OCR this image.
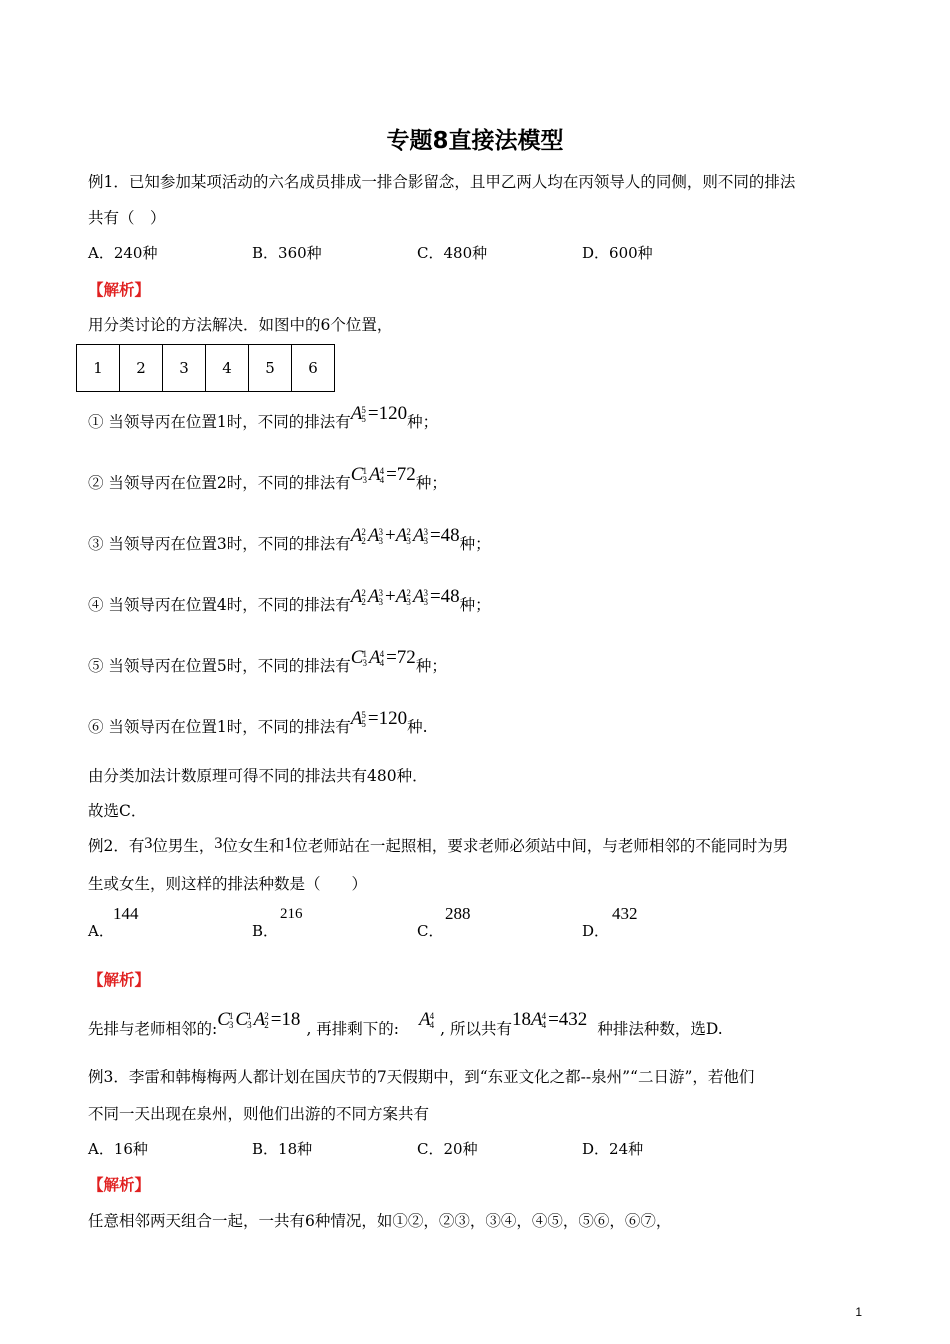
专题8直接法模型
例1．已知参加某项活动的六名成员排成一排合影留念，且甲乙两人均在丙领导人的同侧，则不同的排法
共有（　）
A．240种	B．360种	C．480种	D．600种
【解析】
用分类讨论的方法解决．如图中的6个位置，
1	2	3	4	5	6
① 当领导丙在位置1时，不同的排法有A 5
5 =120种；
② 当领导丙在位置2时，不同的排法有C 1
3 A 4
4 =72种；
③ 当领导丙在位置3时，不同的排法有A 2
2 A 3
3 +A 2
3 A 3
3 =48种；
④ 当领导丙在位置4时，不同的排法有A 2
2 A 3
3 +A 2
3 A 3
3 =48种；
⑤ 当领导丙在位置5时，不同的排法有C 1
3 A 4
4 =72种；
⑥ 当领导丙在位置1时，不同的排法有A 5
5 =120种.
由分类加法计数原理可得不同的排法共有480种．
故选C．
例2．有3位男生，3位女生和1位老师站在一起照相，要求老师必须站中间，与老师相邻的不能同时为男
生或女生，则这样的排法种数是（　　）
A．
144
B．
216
C．
288
D．
432
【解析】
先排与老师相邻的:C 1
3 C 1
3 A 2
2 =18 , 再排剩下的: A 4
4 , 所以共有18A 4
4 =432 种排法种数，选D.
例3．李雷和韩梅梅两人都计划在国庆节的7天假期中，到“东亚文化之都--泉州”“二日游”，若他们
不同一天出现在泉州，则他们出游的不同方案共有
A．16种	B．18种	C．20种	D．24种
【解析】
任意相邻两天组合一起，一共有6种情况，如①②，②③，③④，④⑤，⑤⑥，⑥⑦，
1
